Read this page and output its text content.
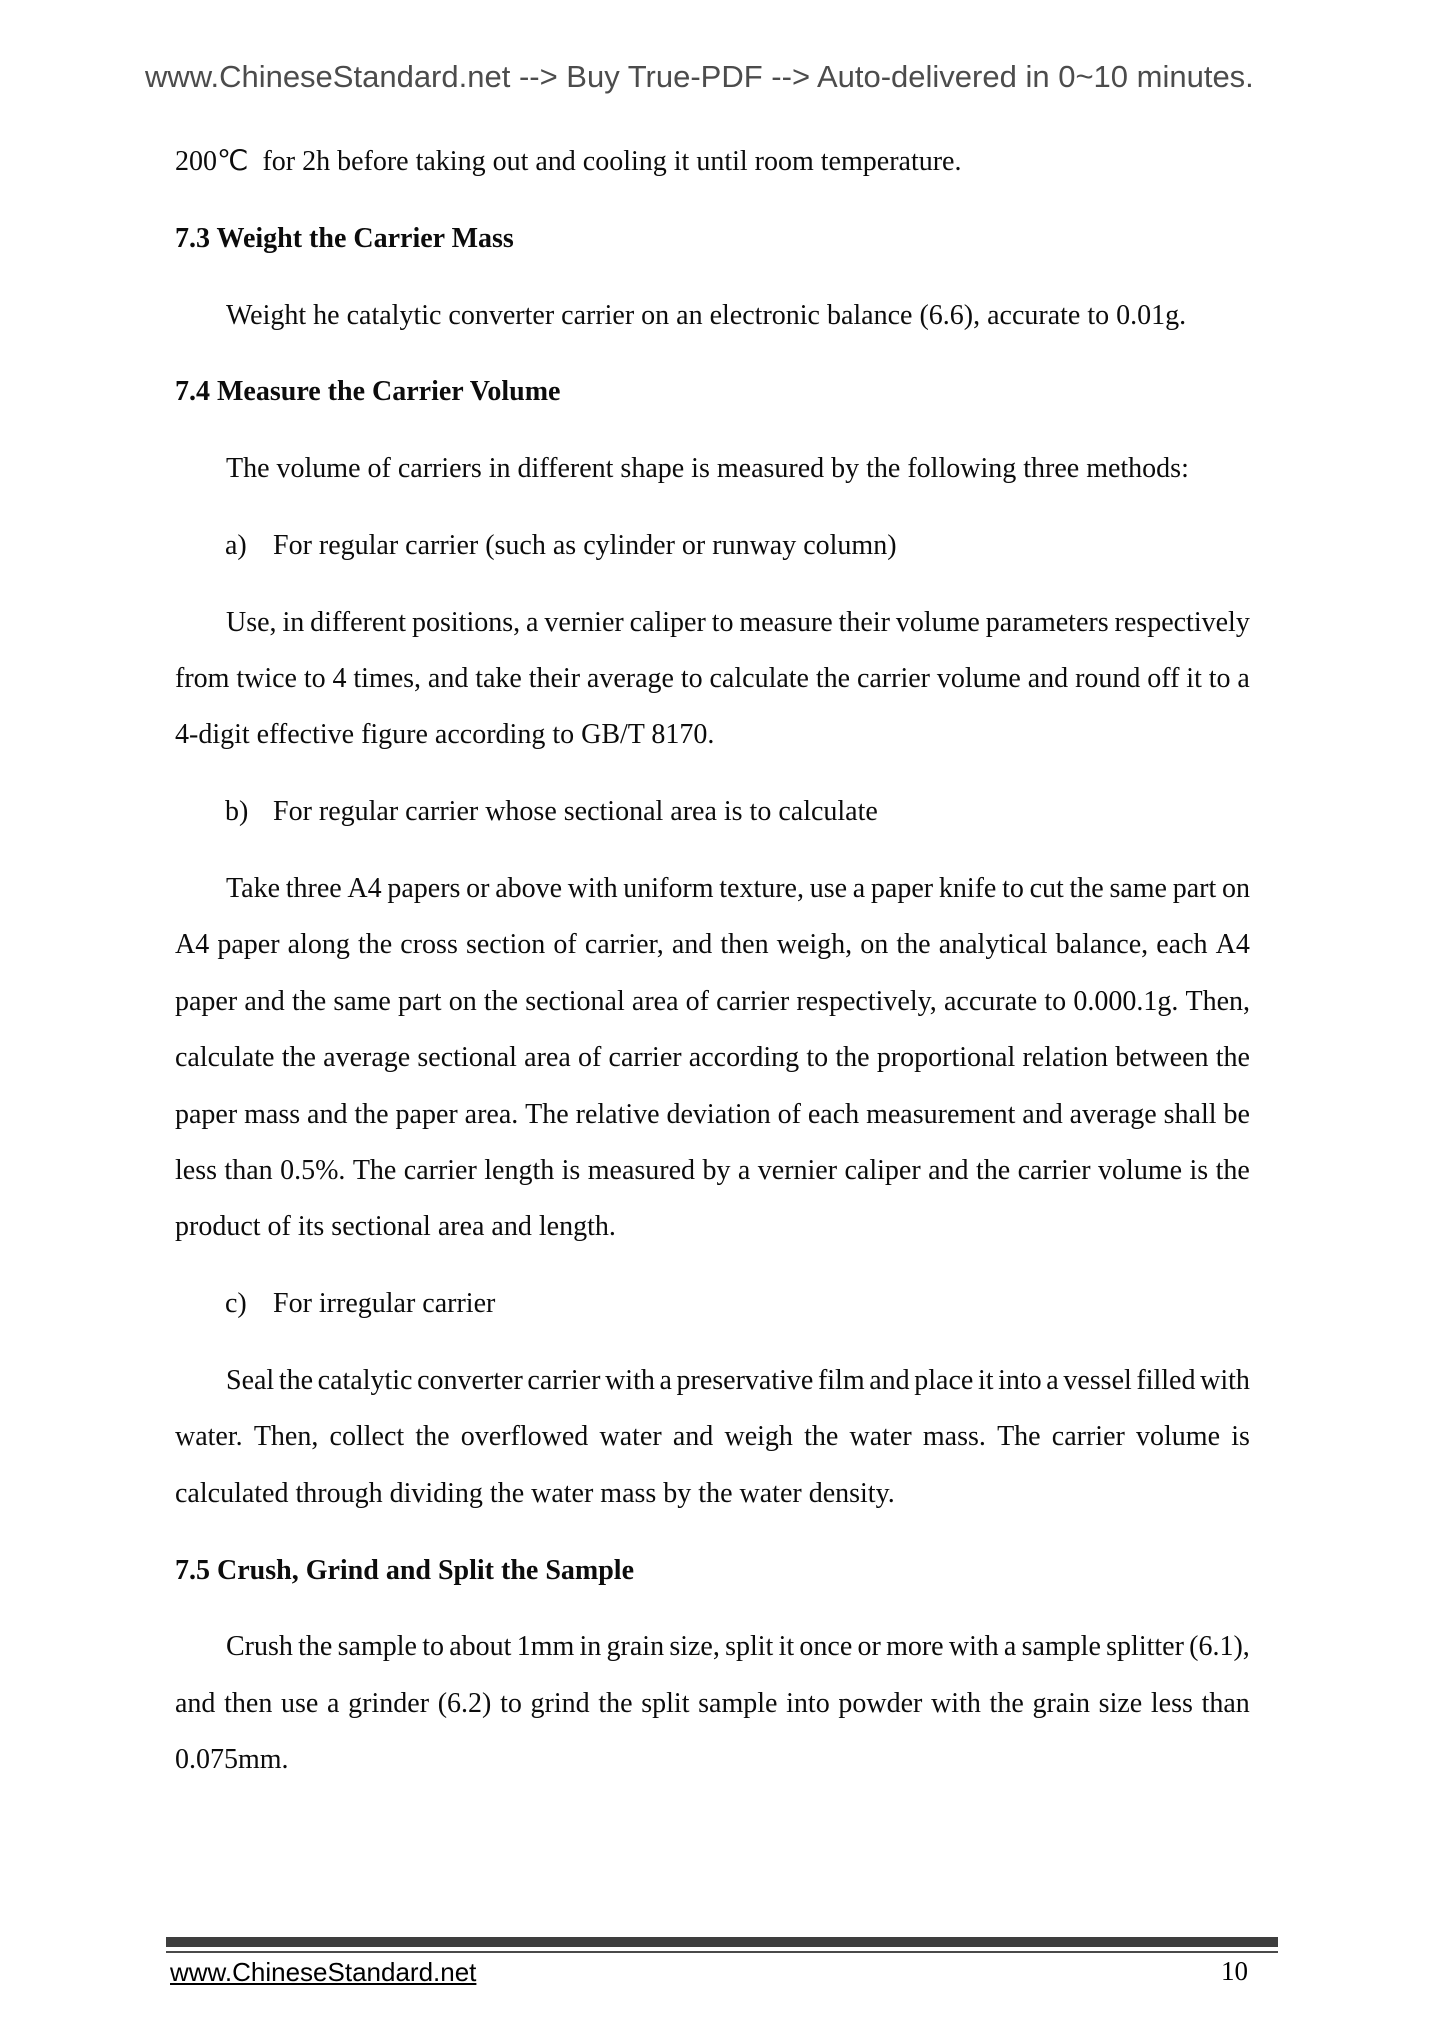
www.ChineseStandard.net --> Buy True-PDF --> Auto-delivered in 0~10 minutes.
200℃  for 2h before taking out and cooling it until room temperature.
7.3 Weight the Carrier Mass
Weight he catalytic converter carrier on an electronic balance (6.6), accurate to 0.01g.
7.4 Measure the Carrier Volume
The volume of carriers in different shape is measured by the following three methods:
a) For regular carrier (such as cylinder or runway column)
Use, in different positions, a vernier caliper to measure their volume parameters respectively
from twice to 4 times, and take their average to calculate the carrier volume and round off it to a
4-digit effective figure according to GB/T 8170.
b) For regular carrier whose sectional area is to calculate
Take three A4 papers or above with uniform texture, use a paper knife to cut the same part on
A4 paper along the cross section of carrier, and then weigh, on the analytical balance, each A4
paper and the same part on the sectional area of carrier respectively, accurate to 0.000.1g. Then,
calculate the average sectional area of carrier according to the proportional relation between the
paper mass and the paper area. The relative deviation of each measurement and average shall be
less than 0.5%. The carrier length is measured by a vernier caliper and the carrier volume is the
product of its sectional area and length.
c) For irregular carrier
Seal the catalytic converter carrier with a preservative film and place it into a vessel filled with
water. Then, collect the overflowed water and weigh the water mass. The carrier volume is
calculated through dividing the water mass by the water density.
7.5 Crush, Grind and Split the Sample
Crush the sample to about 1mm in grain size, split it once or more with a sample splitter (6.1),
and then use a grinder (6.2) to grind the split sample into powder with the grain size less than
0.075mm.
www.ChineseStandard.net	10
